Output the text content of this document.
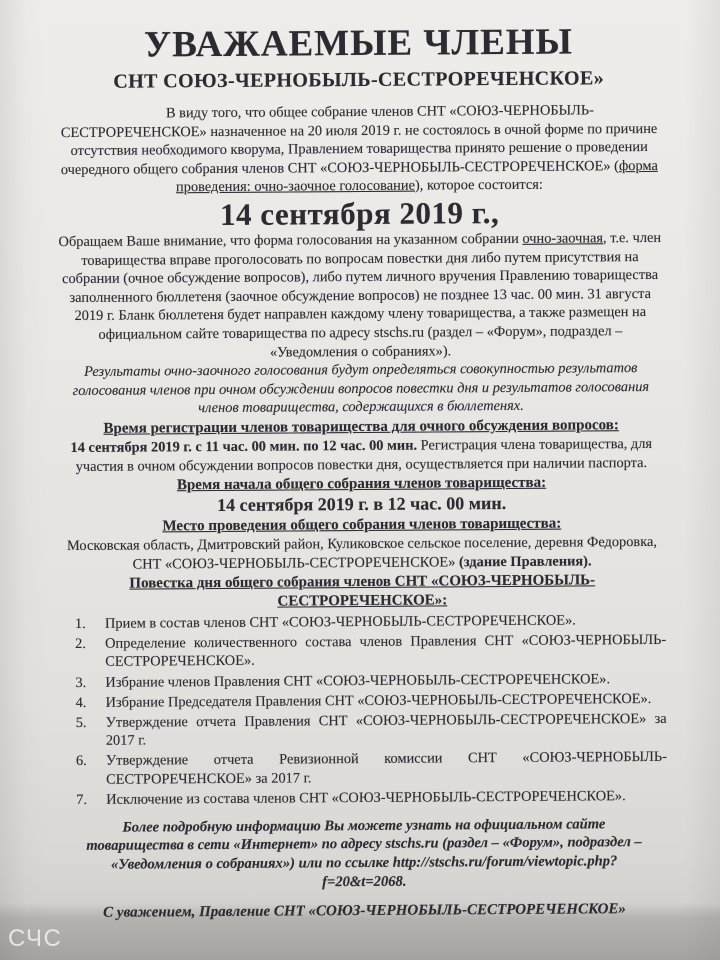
УВАЖАЕМЫЕ ЧЛЕНЫ
СНТ СОЮЗ-ЧЕРНОБЫЛЬ-СЕСТРОРЕЧЕНСКОЕ»
В виду того, что общее собрание членов СНТ «СОЮЗ-ЧЕРНОБЫЛЬ-СЕСТРОРЕЧЕНСКОЕ» назначенное на 20 июля 2019 г. не состоялось в очной форме по причине отсутствия необходимого кворума, Правлением товарищества принято решение о проведении очередного общего собрания членов СНТ «СОЮЗ-ЧЕРНОБЫЛЬ-СЕСТРОРЕЧЕНСКОЕ» (форма проведения: очно-заочное голосование), которое состоится:
14 сентября 2019 г.,
Обращаем Ваше внимание, что форма голосования на указанном собрании очно-заочная, т.е. член товарищества вправе проголосовать по вопросам повестки дня либо путем присутствия на собрании (очное обсуждение вопросов), либо путем личного вручения Правлению товарищества заполненного бюллетеня (заочное обсуждение вопросов) не позднее 13 час. 00 мин. 31 августа 2019 г. Бланк бюллетеня будет направлен каждому члену товарищества, а также размещен на официальном сайте товарищества по адресу stschs.ru (раздел – «Форум», подраздел – «Уведомления о собраниях»).
Результаты очно-заочного голосования будут определяться совокупностью результатов голосования членов при очном обсуждении вопросов повестки дня и результатов голосования членов товарищества, содержащихся в бюллетенях.
Время регистрации членов товарищества для очного обсуждения вопросов:
14 сентября 2019 г. с 11 час. 00 мин. по 12 час. 00 мин. Регистрация члена товарищества, для участия в очном обсуждении вопросов повестки дня, осуществляется при наличии паспорта.
Время начала общего собрания членов товарищества:
14 сентября 2019 г. в 12 час. 00 мин.
Место проведения общего собрания членов товарищества:
Московская область, Дмитровский район, Куликовское сельское поселение, деревня Федоровка, СНТ «СОЮЗ-ЧЕРНОБЫЛЬ-СЕСТРОРЕЧЕНСКОЕ» (здание Правления).
Повестка дня общего собрания членов СНТ «СОЮЗ-ЧЕРНОБЫЛЬ-СЕСТРОРЕЧЕНСКОЕ»:
1.	Прием в состав членов СНТ «СОЮЗ-ЧЕРНОБЫЛЬ-СЕСТРОРЕЧЕНСКОЕ».
2.	Определение количественного состава членов Правления СНТ «СОЮЗ-ЧЕРНОБЫЛЬ-СЕСТРОРЕЧЕНСКОЕ».
3.	Избрание членов Правления СНТ «СОЮЗ-ЧЕРНОБЫЛЬ-СЕСТРОРЕЧЕНСКОЕ».
4.	Избрание Председателя Правления СНТ «СОЮЗ-ЧЕРНОБЫЛЬ-СЕСТРОРЕЧЕНСКОЕ».
5.	Утверждение отчета Правления СНТ «СОЮЗ-ЧЕРНОБЫЛЬ-СЕСТРОРЕЧЕНСКОЕ» за 2017 г.
6.	Утверждение отчета Ревизионной комиссии СНТ «СОЮЗ-ЧЕРНОБЫЛЬ-СЕСТРОРЕЧЕНСКОЕ» за 2017 г.
7.	Исключение из состава членов СНТ «СОЮЗ-ЧЕРНОБЫЛЬ-СЕСТРОРЕЧЕНСКОЕ».
Более подробную информацию Вы можете узнать на официальном сайте товарищества в сети «Интернет» по адресу stschs.ru (раздел – «Форум», подраздел – «Уведомления о собраниях») или по ссылке http://stschs.ru/forum/viewtopic.php?f=20&t=2068.
С уважением, Правление СНТ «СОЮЗ-ЧЕРНОБЫЛЬ-СЕСТРОРЕЧЕНСКОЕ»
СЧС
